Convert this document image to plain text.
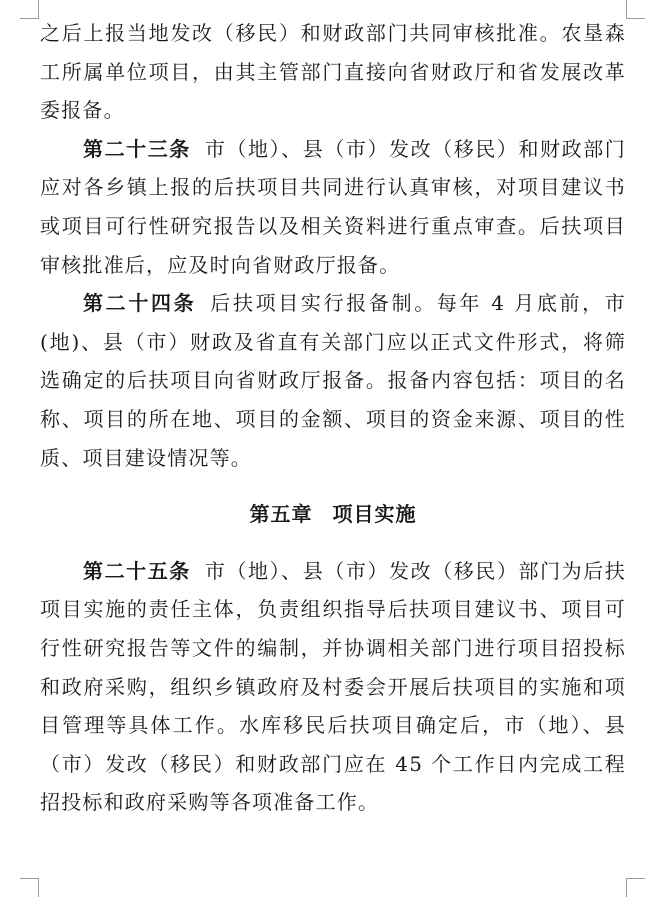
之后上报当地发改（移民）和财政部门共同审核批准。农垦森工所属单位项目，由其主管部门直接向省财政厅和省发展改革委报备。

第二十三条 市（地）、县（市）发改（移民）和财政部门应对各乡镇上报的后扶项目共同进行认真审核，对项目建议书或项目可行性研究报告以及相关资料进行重点审查。后扶项目审核批准后，应及时向省财政厅报备。

第二十四条 后扶项目实行报备制。每年 4 月底前，市(地)、县（市）财政及省直有关部门应以正式文件形式，将筛选确定的后扶项目向省财政厅报备。报备内容包括：项目的名称、项目的所在地、项目的金额、项目的资金来源、项目的性质、项目建设情况等。

第五章 项目实施

第二十五条 市（地）、县（市）发改（移民）部门为后扶项目实施的责任主体，负责组织指导后扶项目建议书、项目可行性研究报告等文件的编制，并协调相关部门进行项目招投标和政府采购，组织乡镇政府及村委会开展后扶项目的实施和项目管理等具体工作。水库移民后扶项目确定后，市（地）、县（市）发改（移民）和财政部门应在 45 个工作日内完成工程招投标和政府采购等各项准备工作。
